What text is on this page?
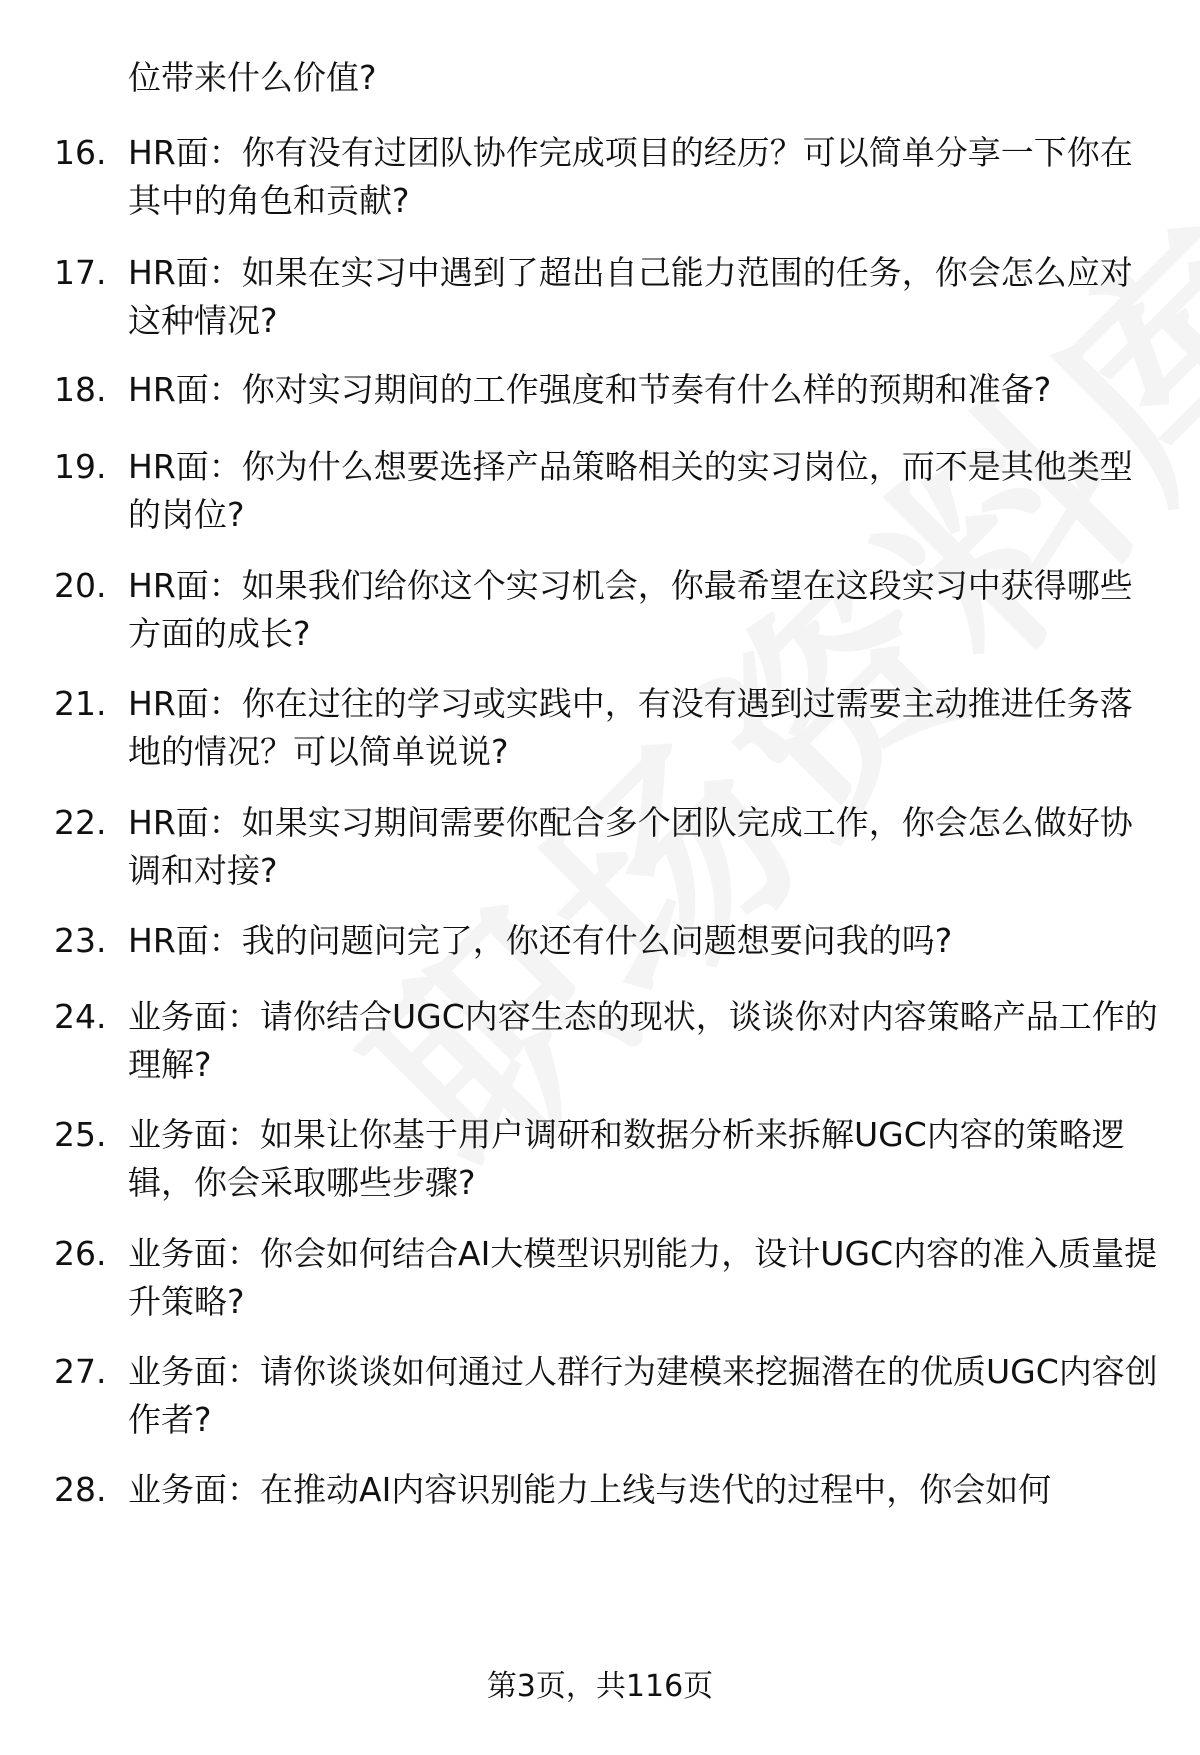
位带来什么价值?
16. HR面：你有没有过团队协作完成项目的经历？可以简单分享一下你在其中的角色和贡献?
17. HR面：如果在实习中遇到了超出自己能力范围的任务，你会怎么应对这种情况?
18. HR面：你对实习期间的工作强度和节奏有什么样的预期和准备?
19. HR面：你为什么想要选择产品策略相关的实习岗位，而不是其他类型的岗位?
20. HR面：如果我们给你这个实习机会，你最希望在这段实习中获得哪些方面的成长?
21. HR面：你在过往的学习或实践中，有没有遇到过需要主动推进任务落地的情况？可以简单说说?
22. HR面：如果实习期间需要你配合多个团队完成工作，你会怎么做好协调和对接?
23. HR面：我的问题问完了，你还有什么问题想要问我的吗?
24. 业务面：请你结合UGC内容生态的现状，谈谈你对内容策略产品工作的理解?
25. 业务面：如果让你基于用户调研和数据分析来拆解UGC内容的策略逻辑，你会采取哪些步骤?
26. 业务面：你会如何结合AI大模型识别能力，设计UGC内容的准入质量提升策略?
27. 业务面：请你谈谈如何通过人群行为建模来挖掘潜在的优质UGC内容创作者?
28. 业务面：在推动AI内容识别能力上线与迭代的过程中，你会如何
第3页，共116页
